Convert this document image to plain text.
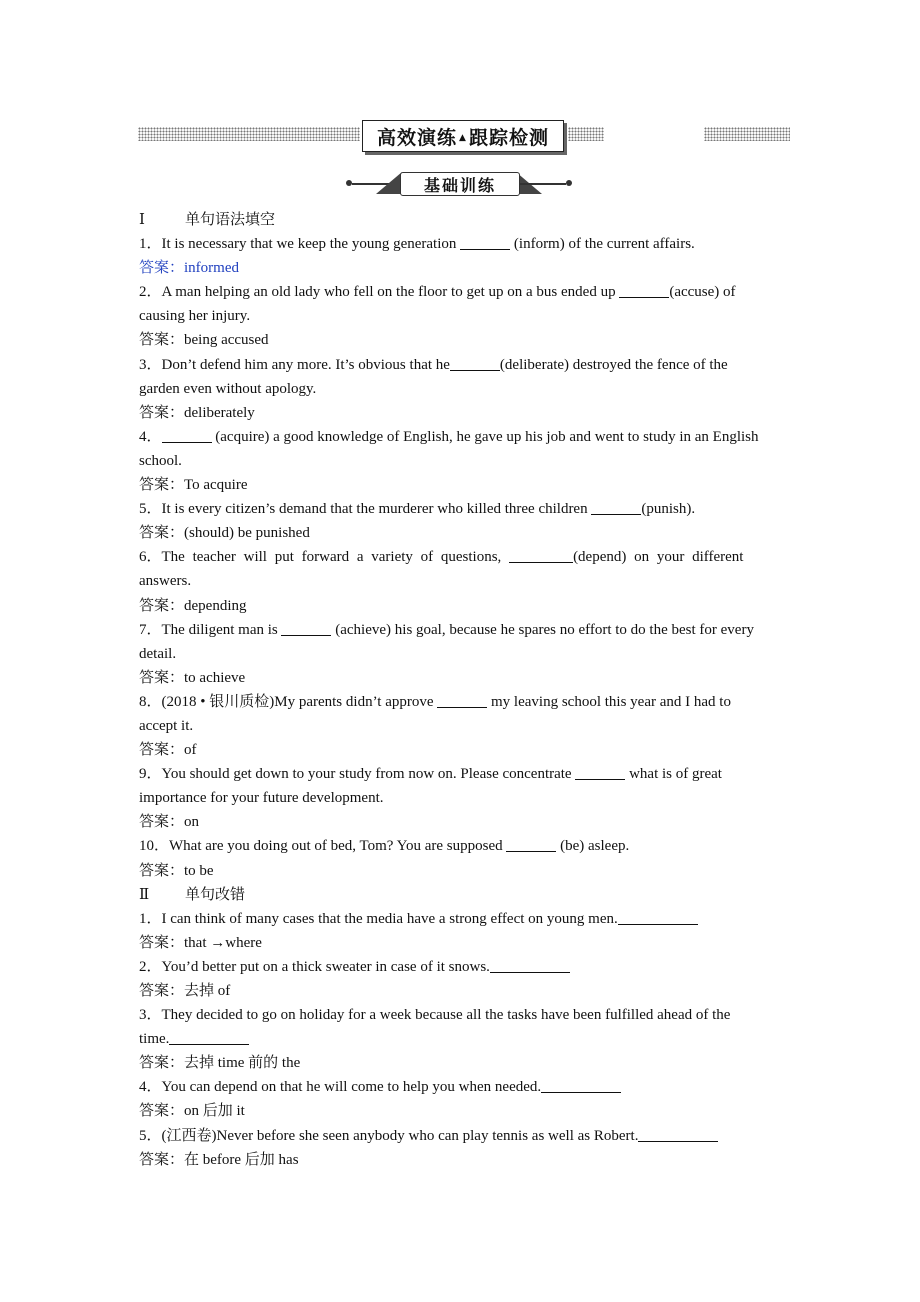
高效演练 ▲ 跟踪检测
基础训练
Ⅰ	单句语法填空
1．It is necessary that we keep the young generation	(inform) of the current affairs.
答案：informed
2．A man helping an old lady who fell on the floor to get up on a bus ended up	(accuse) of
causing her injury.
答案：being accused
3．Don’t defend him any more. It’s obvious that he	(deliberate) destroyed the fence of the
garden even without apology.
答案：deliberately
4．	(acquire) a good knowledge of English, he gave up his job and went to study in an English
school.
答案：To acquire
5．It is every citizen’s demand that the murderer who killed three children	(punish).
答案：(should) be punished
6．The teacher will put forward a variety of questions,	(depend) on your different
answers.
答案：depending
7．The diligent man is	(achieve) his goal, because he spares no effort to do the best for every
detail.
答案：to achieve
8．(2018 • 银川质检)My parents didn’t approve	my leaving school this year and I had to
accept it.
答案：of
9．You should get down to your study from now on. Please concentrate	what is of great
importance for your future development.
答案：on
10．What are you doing out of bed, Tom? You are supposed	(be) asleep.
答案：to be
Ⅱ 单句改错
1．I can think of many cases that the media have a strong effect on young men.
答案：that →where
2．You’d better put on a thick sweater in case of it snows.
答案：去掉 of
3．They decided to go on holiday for a week because all the tasks have been fulfilled ahead of the
time.
答案：去掉 time 前的 the
4．You can depend on that he will come to help you when needed.
答案：on 后加 it
5．(江西卷)Never before she seen anybody who can play tennis as well as Robert.
答案：在 before 后加 has
